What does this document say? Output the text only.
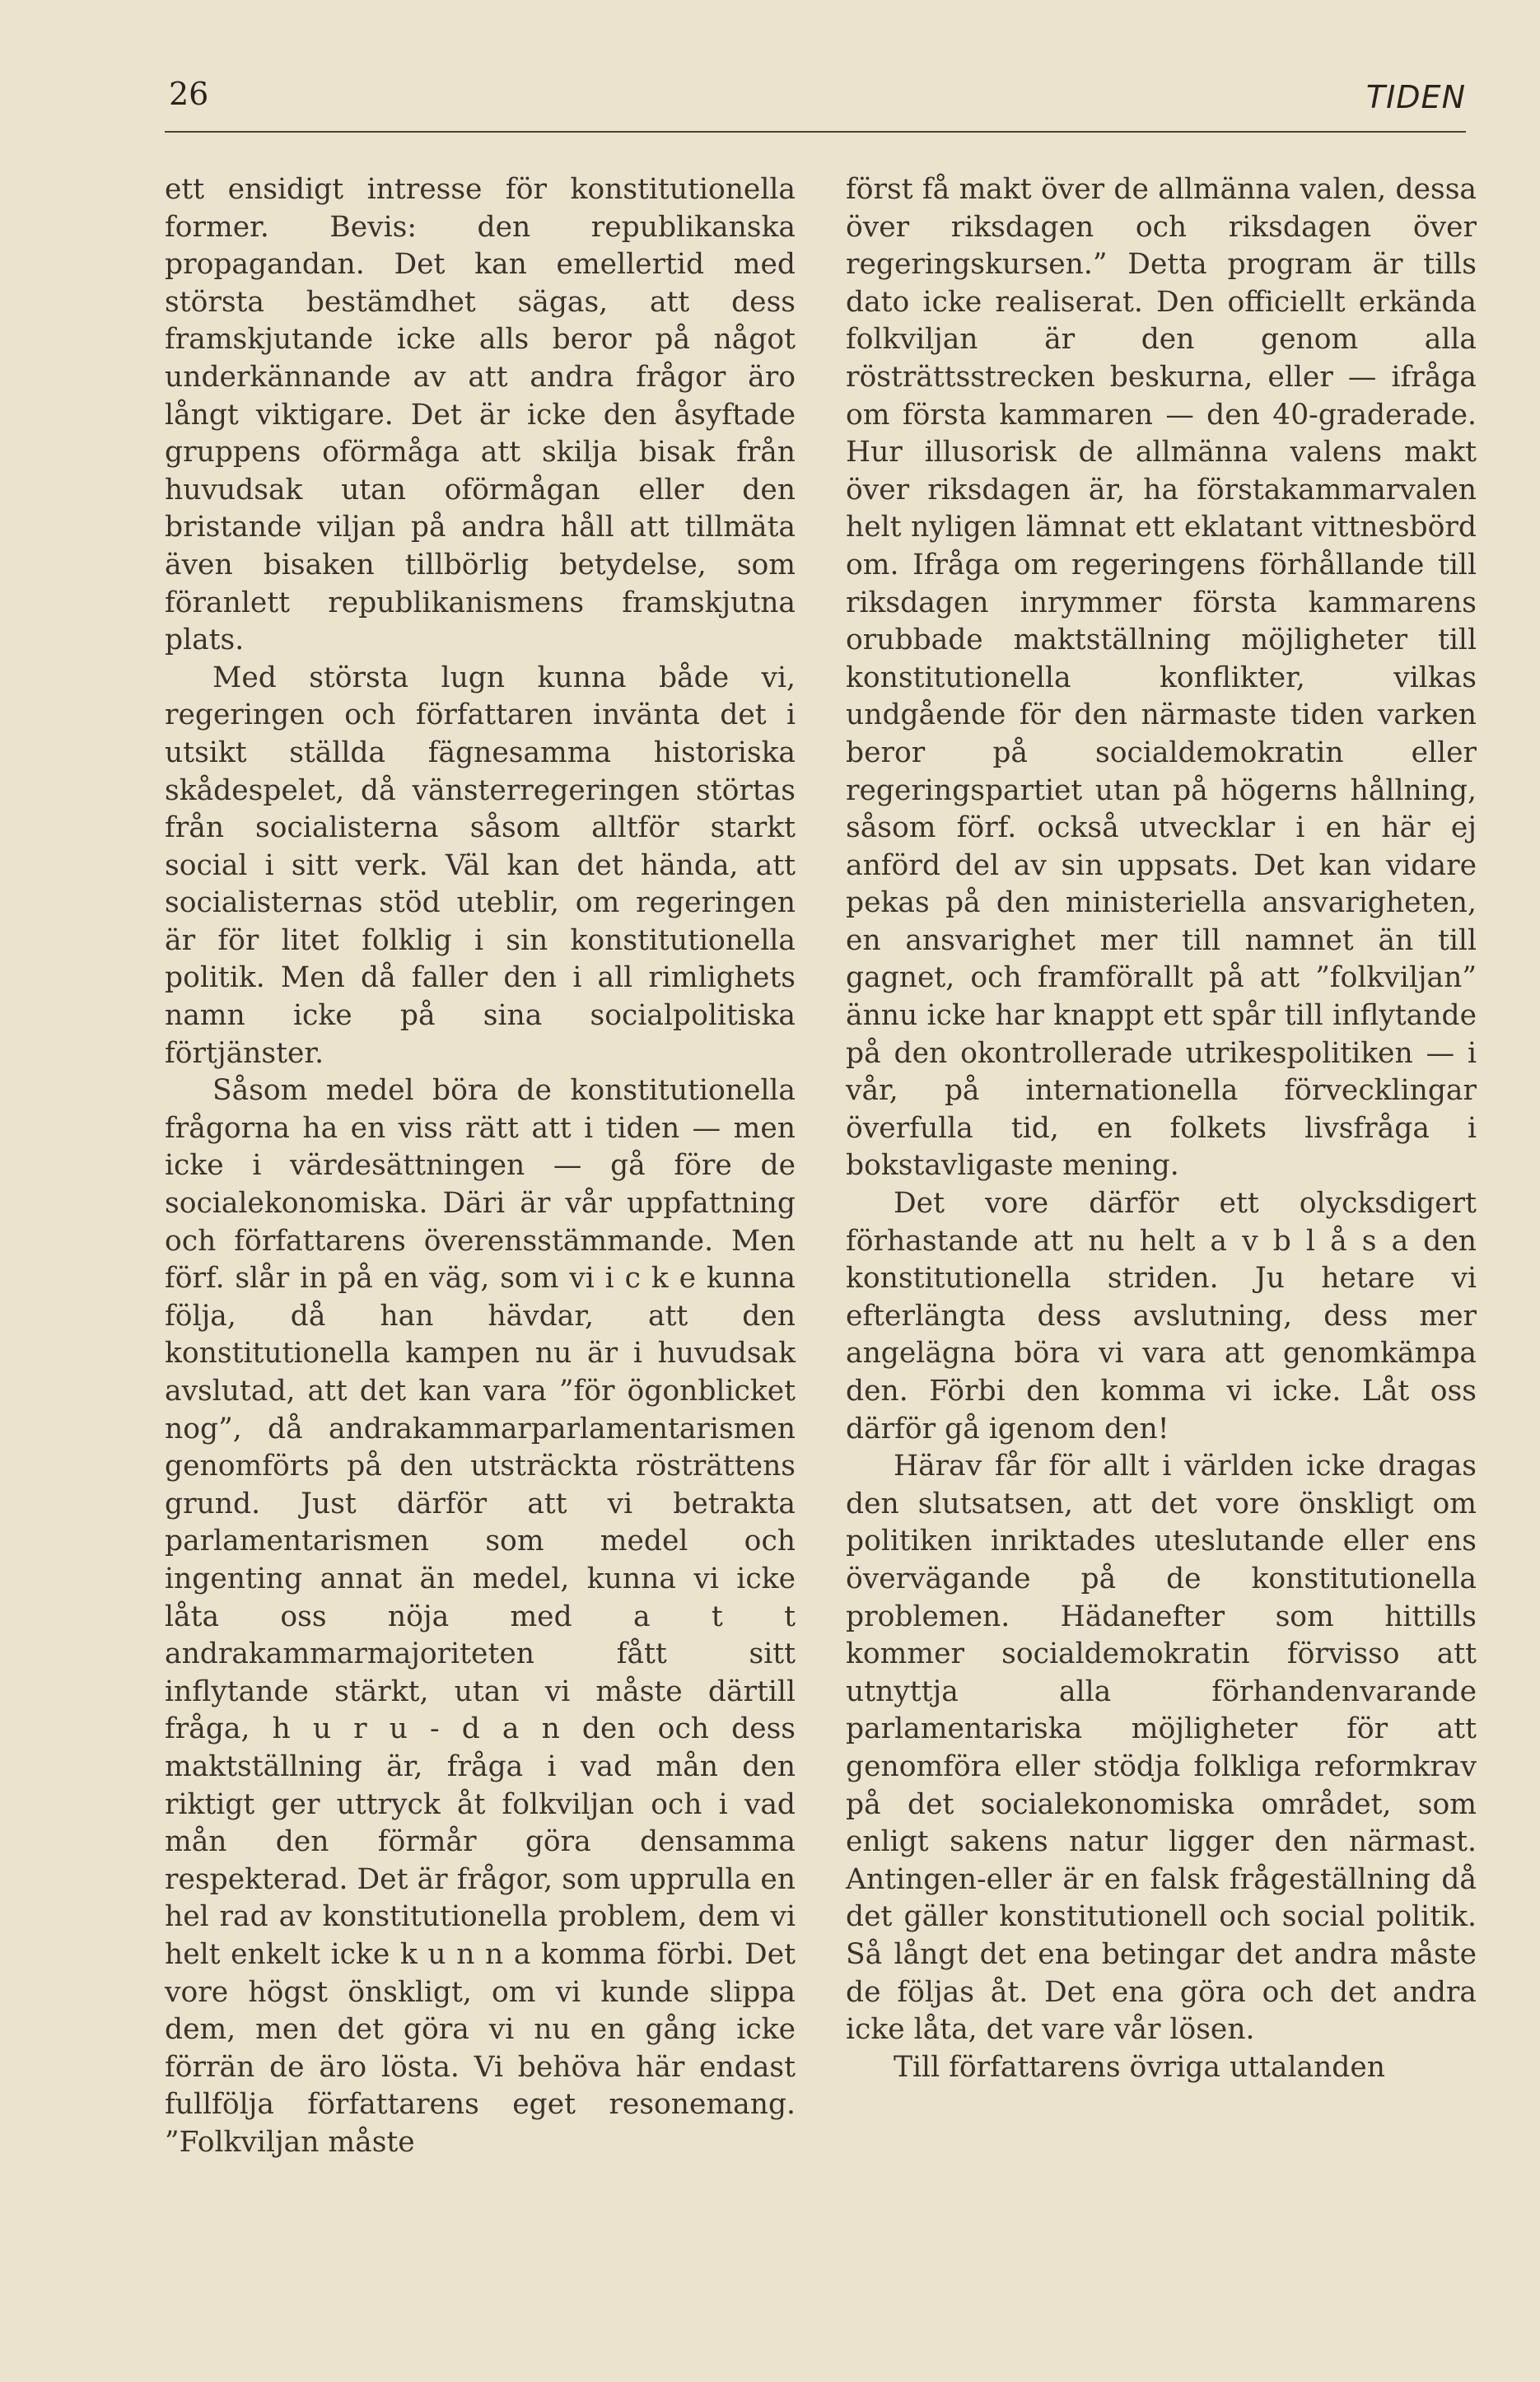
26	TIDEN

ett ensidigt intresse för konstitutionella former. Bevis: den republikanska propagandan. Det kan emellertid med största bestämdhet sägas, att dess framskjutande icke alls beror på något underkännande av att andra frågor äro långt viktigare. Det är icke den åsyftade gruppens oförmåga att skilja bisak från huvudsak utan oförmågan eller den bristande viljan på andra håll att tillmäta även bisaken tillbörlig betydelse, som föranlett republikanismens framskjutna plats.

Med största lugn kunna både vi, regeringen och författaren invänta det i utsikt ställda fägnesamma historiska skådespelet, då vänsterregeringen störtas från socialisterna såsom alltför starkt social i sitt verk. Väl kan det hända, att socialisternas stöd uteblir, om regeringen är för litet folklig i sin konstitutionella politik. Men då faller den i all rimlighets namn icke på sina socialpolitiska förtjänster.

Såsom medel böra de konstitutionella frågorna ha en viss rätt att i tiden — men icke i värdesättningen — gå före de socialekonomiska. Däri är vår uppfattning och författarens överensstämmande. Men förf. slår in på en väg, som vi i c k e kunna följa, då han hävdar, att den konstitutionella kampen nu är i huvudsak avslutad, att det kan vara ”för ögonblicket nog”, då andrakammarparlamentarismen genomförts på den utsträckta rösträttens grund. Just därför att vi betrakta parlamentarismen som medel och ingenting annat än medel, kunna vi icke låta oss nöja med a t t andrakammarmajoriteten fått sitt inflytande stärkt, utan vi måste därtill fråga, h u r u - d a n den och dess maktställning är, fråga i vad mån den riktigt ger uttryck åt folkviljan och i vad mån den förmår göra densamma respekterad. Det är frågor, som upprulla en hel rad av konstitutionella problem, dem vi helt enkelt icke k u n n a komma förbi. Det vore högst önskligt, om vi kunde slippa dem, men det göra vi nu en gång icke förrän de äro lösta. Vi behöva här endast fullfölja författarens eget resonemang. ”Folkviljan måste

först få makt över de allmänna valen, dessa över riksdagen och riksdagen över regeringskursen.” Detta program är tills dato icke realiserat. Den officiellt erkända folkviljan är den genom alla rösträttsstrecken beskurna, eller — ifråga om första kammaren — den 40-graderade. Hur illusorisk de allmänna valens makt över riksdagen är, ha förstakammarvalen helt nyligen lämnat ett eklatant vittnesbörd om. Ifråga om regeringens förhållande till riksdagen inrymmer första kammarens orubbade maktställning möjligheter till konstitutionella konflikter, vilkas undgående för den närmaste tiden varken beror på socialdemokratin eller regeringspartiet utan på högerns hållning, såsom förf. också utvecklar i en här ej anförd del av sin uppsats. Det kan vidare pekas på den ministeriella ansvarigheten, en ansvarighet mer till namnet än till gagnet, och framförallt på att ”folkviljan” ännu icke har knappt ett spår till inflytande på den okontrollerade utrikespolitiken — i vår, på internationella förvecklingar överfulla tid, en folkets livsfråga i bokstavligaste mening.

Det vore därför ett olycksdigert förhastande att nu helt a v b l å s a den konstitutionella striden. Ju hetare vi efterlängta dess avslutning, dess mer angelägna böra vi vara att genomkämpa den. Förbi den komma vi icke. Låt oss därför gå igenom den!

Härav får för allt i världen icke dragas den slutsatsen, att det vore önskligt om politiken inriktades uteslutande eller ens övervägande på de konstitutionella problemen. Hädanefter som hittills kommer socialdemokratin förvisso att utnyttja alla förhandenvarande parlamentariska möjligheter för att genomföra eller stödja folkliga reformkrav på det socialekonomiska området, som enligt sakens natur ligger den närmast. Antingen-eller är en falsk frågeställning då det gäller konstitutionell och social politik. Så långt det ena betingar det andra måste de följas åt. Det ena göra och det andra icke låta, det vare vår lösen.

Till författarens övriga uttalanden
